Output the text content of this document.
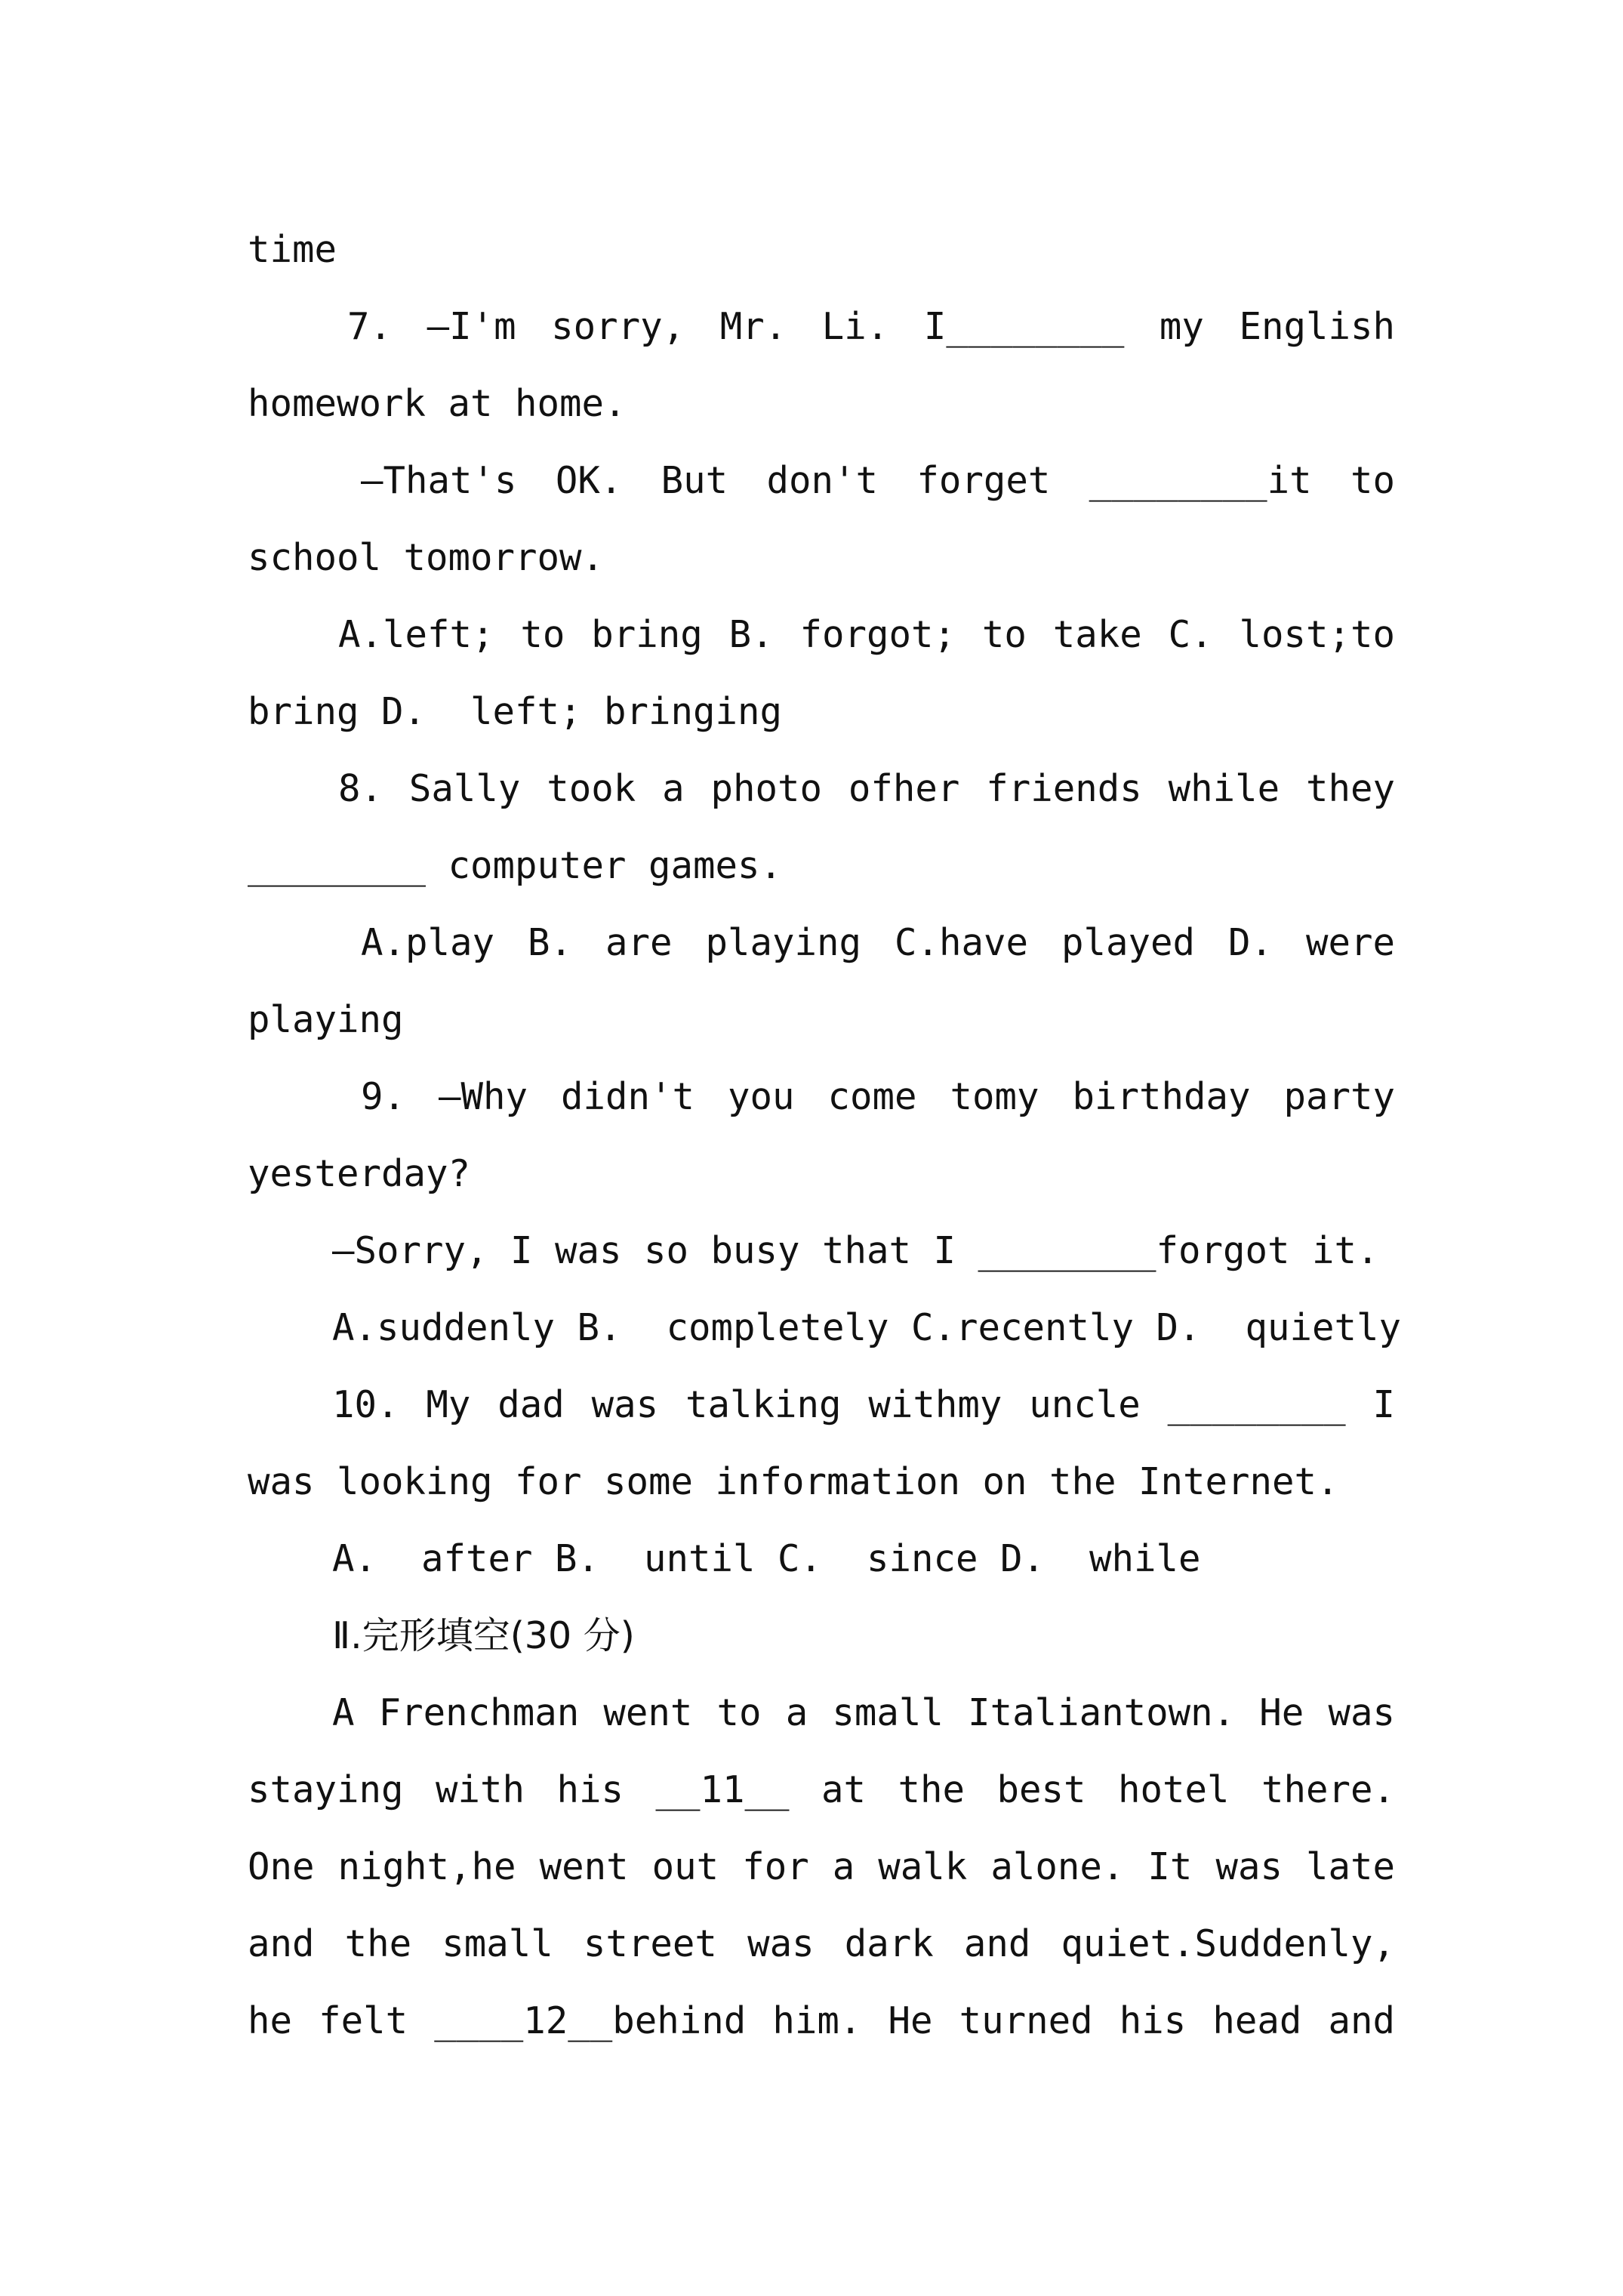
time
7. —I'm sorry, Mr. Li. I________ my English
homework at home.
—That's OK. But don't forget ________it to
school tomorrow.
A.left; to bring B. forgot; to take C. lost;to
bring D.  left; bringing
8. Sally took a photo ofher friends while they
________ computer games.
A.play B. are playing C.have played D. were
playing
9. —Why didn't you come tomy birthday party
yesterday?
—Sorry, I was so busy that I ________forgot it.
A.suddenly B.  completely C.recently D.  quietly
10. My dad was talking withmy uncle ________ I
was looking for some information on the Internet.
A.  after B.  until C.  since D.  while
Ⅱ.完形填空(30 分)
A Frenchman went to a small Italiantown. He was
staying with his __11__ at the best hotel there.
One night,he went out for a walk alone. It was late
and the small street was dark and quiet.Suddenly,
he felt ____12__behind him. He turned his head and
